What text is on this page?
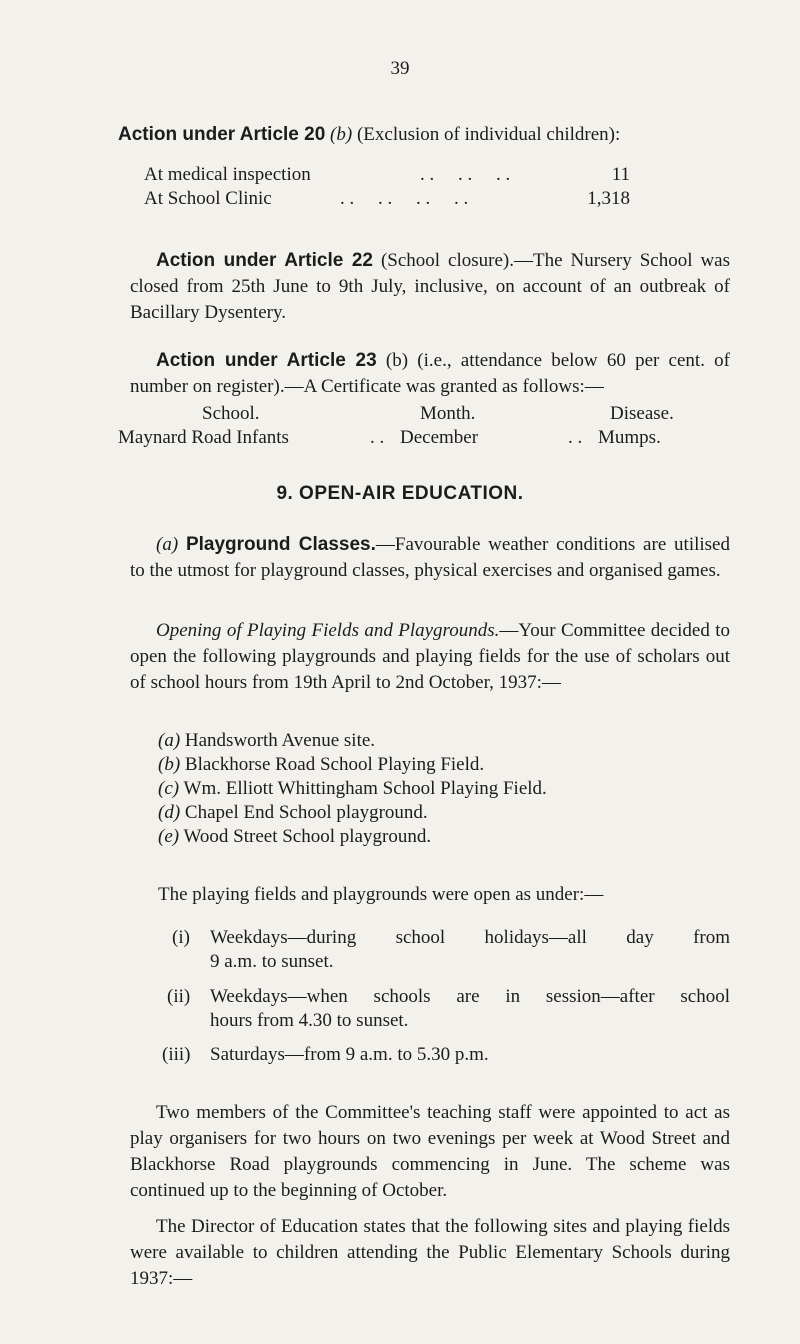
39
Action under Article 20 (b) (Exclusion of individual children):
At medical inspection	. .     . .     . .	11
At School Clinic	. .     . .     . .     . .	1,318
Action under Article 22 (School closure).—The Nursery School was closed from 25th June to 9th July, inclusive, on account of an outbreak of Bacillary Dysentery.
Action under Article 23 (b) (i.e., attendance below 60 per cent. of number on register).—A Certificate was granted as follows:—
School.	Month.	Disease.
Maynard Road Infants	. . December	. . Mumps.
9. OPEN-AIR EDUCATION.
(a) Playground Classes.—Favourable weather conditions are utilised to the utmost for playground classes, physical exercises and organised games.
Opening of Playing Fields and Playgrounds.—Your Committee decided to open the following playgrounds and playing fields for the use of scholars out of school hours from 19th April to 2nd October, 1937:—
(a) Handsworth Avenue site.
(b) Blackhorse Road School Playing Field.
(c) Wm. Elliott Whittingham School Playing Field.
(d) Chapel End School playground.
(e) Wood Street School playground.
The playing fields and playgrounds were open as under:—
(i) Weekdays—during school holidays—all day from
9 a.m. to sunset.
(ii) Weekdays—when schools are in session—after school
hours from 4.30 to sunset.
(iii) Saturdays—from 9 a.m. to 5.30 p.m.
Two members of the Committee's teaching staff were appointed to act as play organisers for two hours on two evenings per week at Wood Street and Blackhorse Road playgrounds commencing in June. The scheme was continued up to the beginning of October.
The Director of Education states that the following sites and playing fields were available to children attending the Public Elementary Schools during 1937:—
